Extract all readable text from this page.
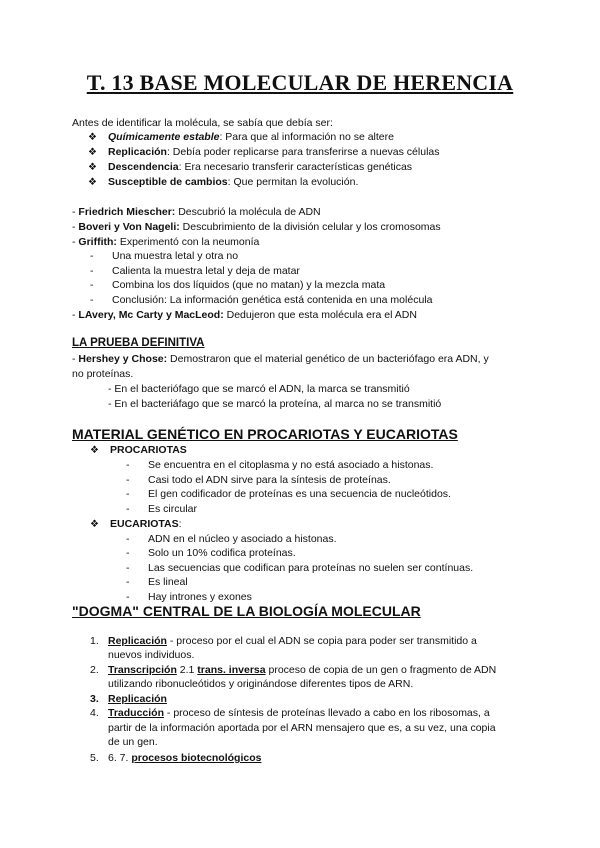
T. 13 BASE MOLECULAR DE HERENCIA
Antes de identificar la molécula, se sabía que debía ser:
❖ Químicamente estable: Para que al información no se altere
❖ Replicación: Debía poder replicarse para transferirse a nuevas células
❖ Descendencia: Era necesario transferir características genéticas
❖ Susceptible de cambios: Que permitan la evolución.
- Friedrich Miescher: Descubrió la molécula de ADN
- Boveri y Von Nageli: Descubrimiento de la división celular y los cromosomas
- Griffith: Experimentó con la neumonía
- Una muestra letal y otra no
- Calienta la muestra letal y deja de matar
- Combina los dos líquidos (que no matan) y la mezcla mata
- Conclusión: La información genética está contenida en una molécula
- LAvery, Mc Carty y MacLeod: Dedujeron que esta molécula era el ADN
LA PRUEBA DEFINITIVA
- Hershey y Chose: Demostraron que el material genético de un bacteriófago era ADN, y
no proteínas.
- En el bacteriófago que se marcó el ADN, la marca se transmitió
- En el bacteriáfago que se marcó la proteína, al marca no se transmitió
MATERIAL GENÉTICO EN PROCARIOTAS Y EUCARIOTAS
❖ PROCARIOTAS
- Se encuentra en el citoplasma y no está asociado a histonas.
- Casi todo el ADN sirve para la síntesis de proteínas.
- El gen codificador de proteínas es una secuencia de nucleótidos.
- Es circular
❖ EUCARIOTAS:
- ADN en el núcleo y asociado a histonas.
- Solo un 10% codifica proteínas.
- Las secuencias que codifican para proteínas no suelen ser contínuas.
- Es lineal
- Hay intrones y exones
"DOGMA" CENTRAL DE LA BIOLOGÍA MOLECULAR
1. Replicación - proceso por el cual el ADN se copia para poder ser transmitido a
nuevos individuos.
2. Transcripción 2.1 trans. inversa proceso de copia de un gen o fragmento de ADN
utilizando ribonucleótidos y originándose diferentes tipos de ARN.
3. Replicación
4. Traducción - proceso de síntesis de proteínas llevado a cabo en los ribosomas, a
partir de la información aportada por el ARN mensajero que es, a su vez, una copia
de un gen.
5. 6. 7. procesos biotecnológicos
